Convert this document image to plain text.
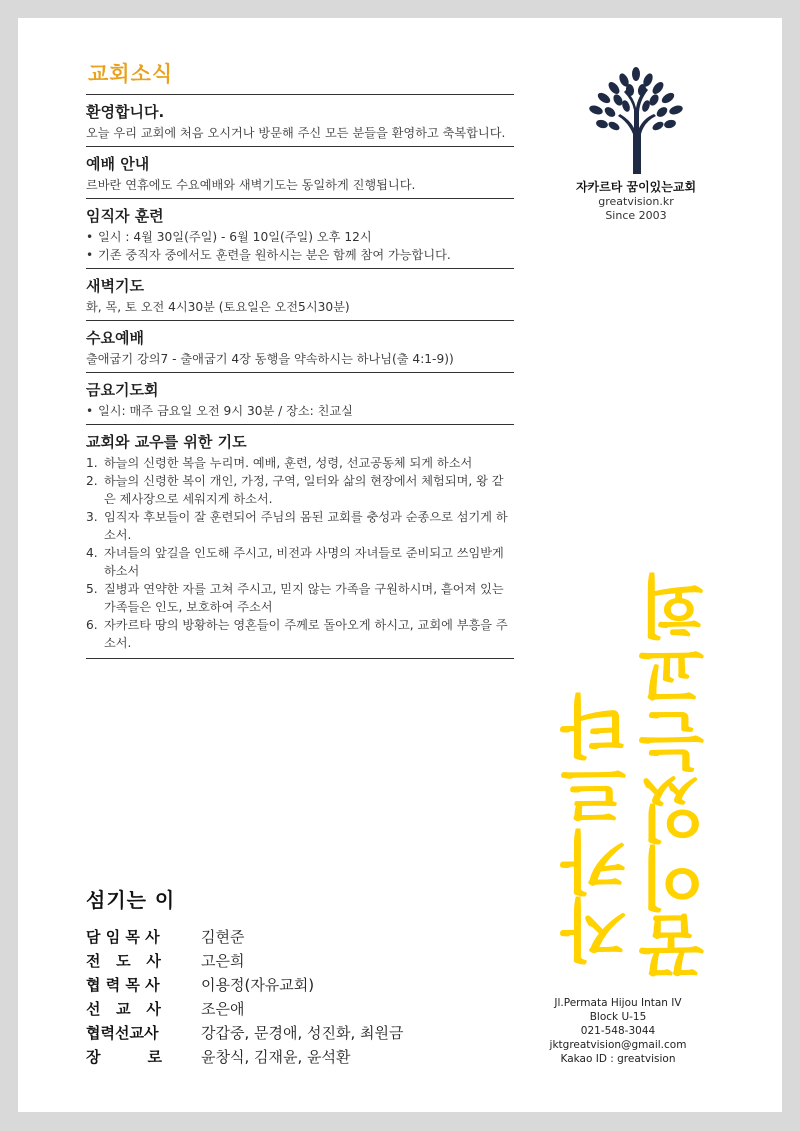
교회소식
환영합니다.
오늘 우리 교회에 처음 오시거나 방문해 주신 모든 분들을 환영하고 축복합니다.
예배 안내
르바란 연휴에도 수요예배와 새벽기도는 동일하게 진행됩니다.
임직자 훈련
• 일시 : 4월 30일(주일) - 6월 10일(주일) 오후 12시
• 기존 중직자 중에서도 훈련을 원하시는 분은 함께 참여 가능합니다.
새벽기도
화, 목, 토 오전 4시30분 (토요일은 오전5시30분)
수요예배
출애굽기 강의7 - 출애굽기 4장 동행을 약속하시는 하나님(출 4:1-9))
금요기도회
• 일시: 매주 금요일 오전 9시 30분 / 장소: 친교실
교회와 교우를 위한 기도
1. 하늘의 신령한 복을 누리며. 예배, 훈련, 성령, 선교공동체 되게 하소서
2. 하늘의 신령한 복이 개인, 가정, 구역, 일터와 삶의 현장에서 체험되며, 왕 같은 제사장으로 세워지게 하소서.
3. 임직자 후보들이 잘 훈련되어 주님의 몸된 교회를 충성과 순종으로 섬기게 하소서.
4. 자녀들의 앞길을 인도해 주시고, 비전과 사명의 자녀들로 준비되고 쓰임받게 하소서
5. 질병과 연약한 자를 고쳐 주시고, 믿지 않는 가족을 구원하시며, 흩어져 있는 가족들은 인도, 보호하여 주소서
6. 자카르타 땅의 방황하는 영혼들이 주께로 돌아오게 하시고, 교회에 부흥을 주소서.
자카르타 꿈이있는교회
greatvision.kr
Since 2003
자카르타 꿈이있는교회
Jl.Permata Hijou Intan IV
Block U-15
021-548-3044
jktgreatvision@gmail.com
Kakao ID : greatvision
섬기는 이
담 임 목 사	김현준
전   도   사	고은희
협 력 목 사	이용정(자유교회)
선   교   사	조은애
협력선교사	강갑중, 문경애, 성진화, 최원금
장         로	윤창식, 김재윤, 윤석환
